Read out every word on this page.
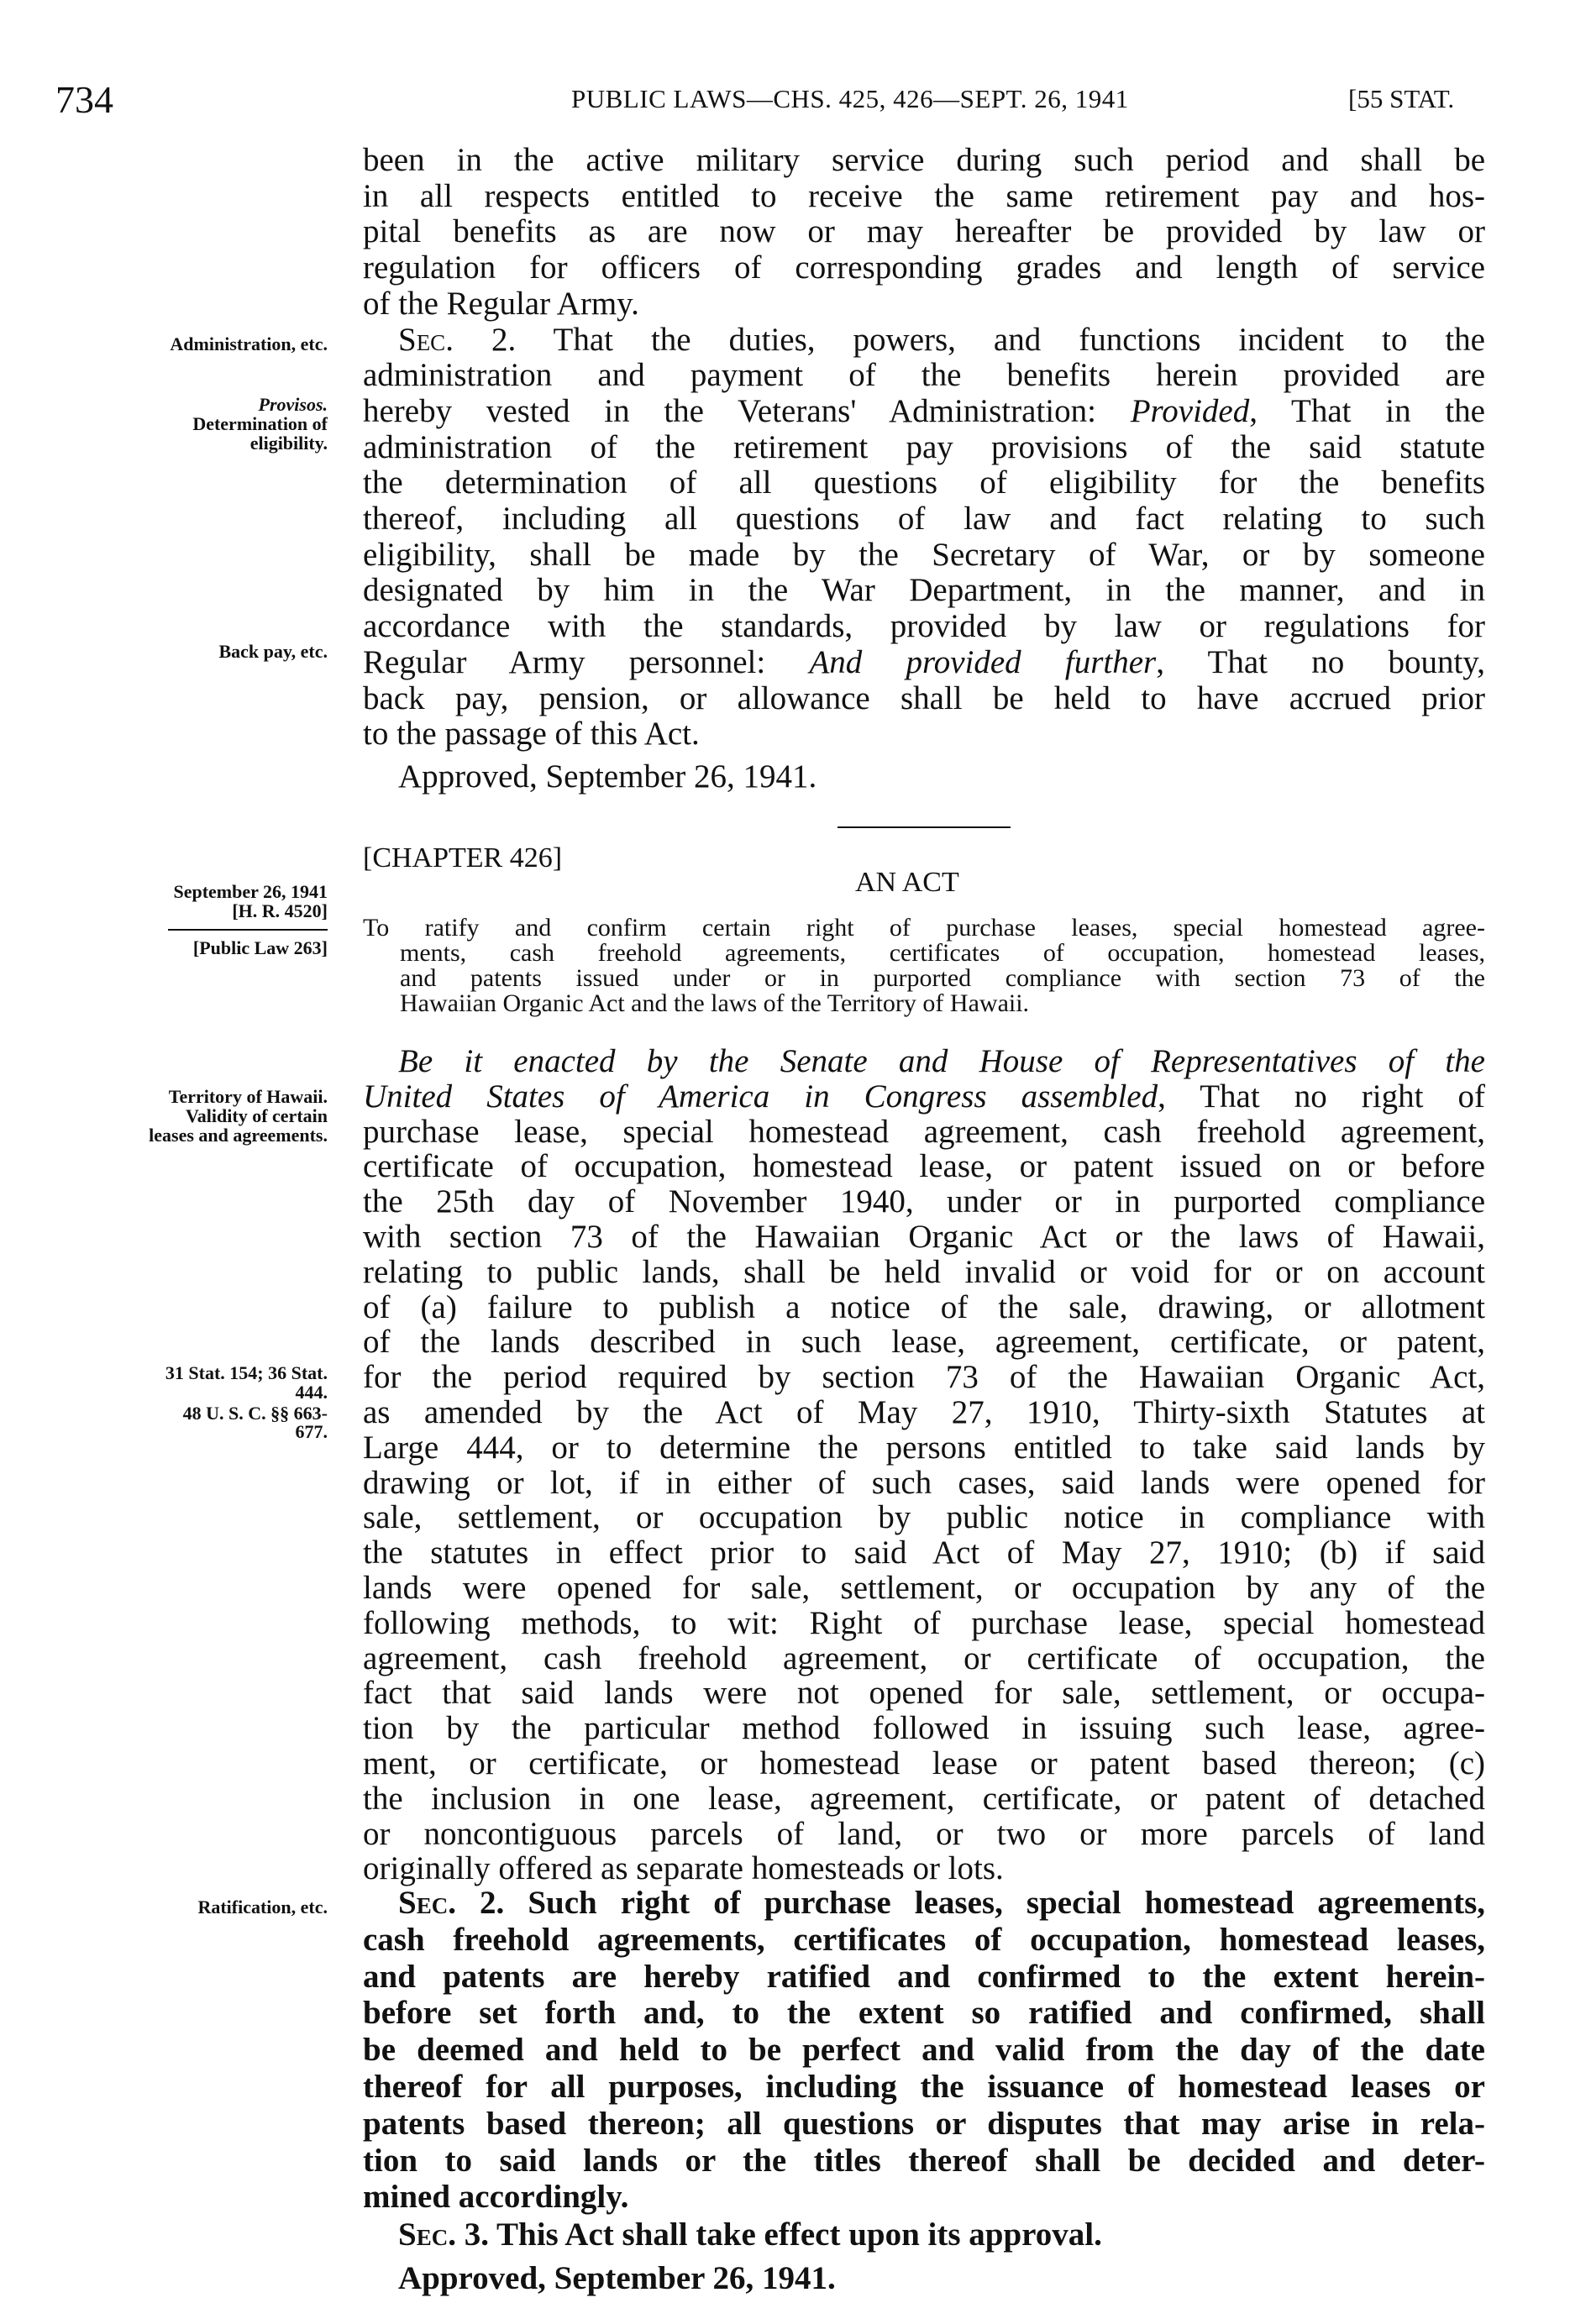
734	PUBLIC LAWS—CHS. 425, 426—SEPT. 26, 1941	[55 STAT.
Administration, etc.
Provisos.
Determination of
eligibility.
Back pay, etc.
September 26, 1941
[H. R. 4520]
[Public Law 263]
Territory of Hawaii.
Validity of certain
leases and agreements.
31 Stat. 154; 36 Stat.
444.
48 U. S. C. §§ 663-
677.
Ratification, etc.
been in the active military service during such period and shall be
in all respects entitled to receive the same retirement pay and hos-
pital benefits as are now or may hereafter be provided by law or
regulation for officers of corresponding grades and length of service
of the Regular Army.
Sec. 2. That the duties, powers, and functions incident to the
administration and payment of the benefits herein provided are
hereby vested in the Veterans' Administration: Provided, That in the
administration of the retirement pay provisions of the said statute
the determination of all questions of eligibility for the benefits
thereof, including all questions of law and fact relating to such
eligibility, shall be made by the Secretary of War, or by someone
designated by him in the War Department, in the manner, and in
accordance with the standards, provided by law or regulations for
Regular Army personnel: And provided further, That no bounty,
back pay, pension, or allowance shall be held to have accrued prior
to the passage of this Act.
Approved, September 26, 1941.
To ratify and confirm certain right of purchase leases, special homestead agree-
ments, cash freehold agreements, certificates of occupation, homestead leases,
and patents issued under or in purported compliance with section 73 of the
Hawaiian Organic Act and the laws of the Territory of Hawaii.
Be it enacted by the Senate and House of Representatives of the
United States of America in Congress assembled, That no right of
purchase lease, special homestead agreement, cash freehold agreement,
certificate of occupation, homestead lease, or patent issued on or before
the 25th day of November 1940, under or in purported compliance
with section 73 of the Hawaiian Organic Act or the laws of Hawaii,
relating to public lands, shall be held invalid or void for or on account
of (a) failure to publish a notice of the sale, drawing, or allotment
of the lands described in such lease, agreement, certificate, or patent,
for the period required by section 73 of the Hawaiian Organic Act,
as amended by the Act of May 27, 1910, Thirty-sixth Statutes at
Large 444, or to determine the persons entitled to take said lands by
drawing or lot, if in either of such cases, said lands were opened for
sale, settlement, or occupation by public notice in compliance with
the statutes in effect prior to said Act of May 27, 1910; (b) if said
lands were opened for sale, settlement, or occupation by any of the
following methods, to wit: Right of purchase lease, special homestead
agreement, cash freehold agreement, or certificate of occupation, the
fact that said lands were not opened for sale, settlement, or occupa-
tion by the particular method followed in issuing such lease, agree-
ment, or certificate, or homestead lease or patent based thereon; (c)
the inclusion in one lease, agreement, certificate, or patent of detached
or noncontiguous parcels of land, or two or more parcels of land
originally offered as separate homesteads or lots.
Sec. 2. Such right of purchase leases, special homestead agreements,
cash freehold agreements, certificates of occupation, homestead leases,
and patents are hereby ratified and confirmed to the extent herein-
before set forth and, to the extent so ratified and confirmed, shall
be deemed and held to be perfect and valid from the day of the date
thereof for all purposes, including the issuance of homestead leases or
patents based thereon; all questions or disputes that may arise in rela-
tion to said lands or the titles thereof shall be decided and deter-
mined accordingly.
Sec. 3. This Act shall take effect upon its approval.
Approved, September 26, 1941.
[CHAPTER 426]
AN ACT
